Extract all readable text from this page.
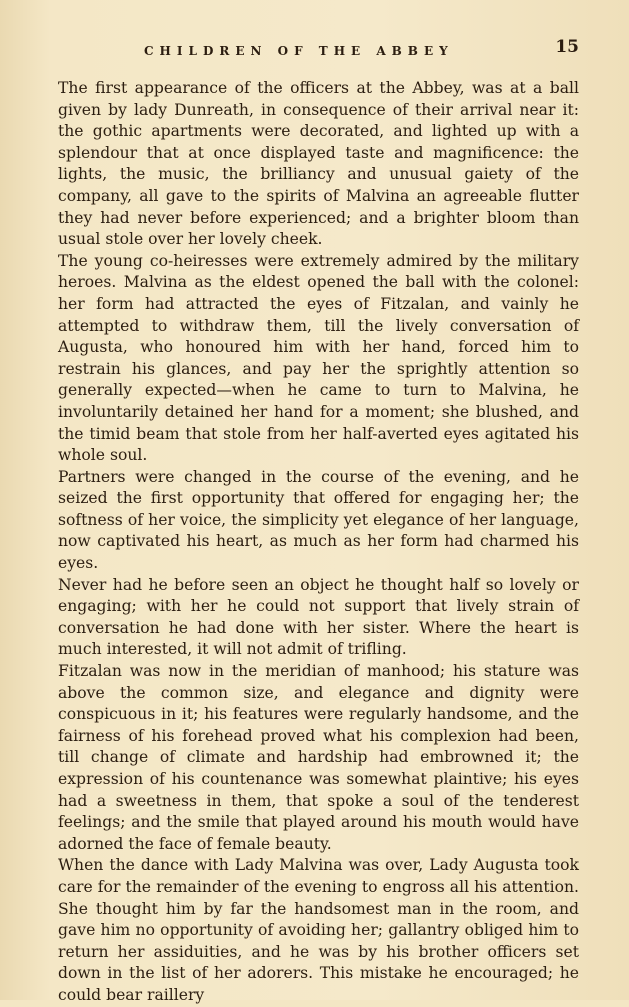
CHILDREN OF THE ABBEY	15

The first appearance of the officers at the Abbey, was at a ball given by lady Dunreath, in consequence of their arrival near it: the gothic apartments were decorated, and lighted up with a splendour that at once displayed taste and magnificence: the lights, the music, the brilliancy and unusual gaiety of the company, all gave to the spirits of Malvina an agreeable flutter they had never before experienced; and a brighter bloom than usual stole over her lovely cheek.

The young co-heiresses were extremely admired by the military heroes. Malvina as the eldest opened the ball with the colonel: her form had attracted the eyes of Fitzalan, and vainly he attempted to withdraw them, till the lively conversation of Augusta, who honoured him with her hand, forced him to restrain his glances, and pay her the sprightly attention so generally expected—when he came to turn to Malvina, he involuntarily detained her hand for a moment; she blushed, and the timid beam that stole from her half-averted eyes agitated his whole soul.

Partners were changed in the course of the evening, and he seized the first opportunity that offered for engaging her; the softness of her voice, the simplicity yet elegance of her language, now captivated his heart, as much as her form had charmed his eyes.

Never had he before seen an object he thought half so lovely or engaging; with her he could not support that lively strain of conversation he had done with her sister. Where the heart is much interested, it will not admit of trifling.

Fitzalan was now in the meridian of manhood; his stature was above the common size, and elegance and dignity were conspicuous in it; his features were regularly handsome, and the fairness of his forehead proved what his complexion had been, till change of climate and hardship had embrowned it; the expression of his countenance was somewhat plaintive; his eyes had a sweetness in them, that spoke a soul of the tenderest feelings; and the smile that played around his mouth would have adorned the face of female beauty.

When the dance with Lady Malvina was over, Lady Augusta took care for the remainder of the evening to engross all his attention. She thought him by far the handsomest man in the room, and gave him no opportunity of avoiding her; gallantry obliged him to return her assiduities, and he was by his brother officers set down in the list of her adorers. This mistake he encouraged; he could bear raillery
